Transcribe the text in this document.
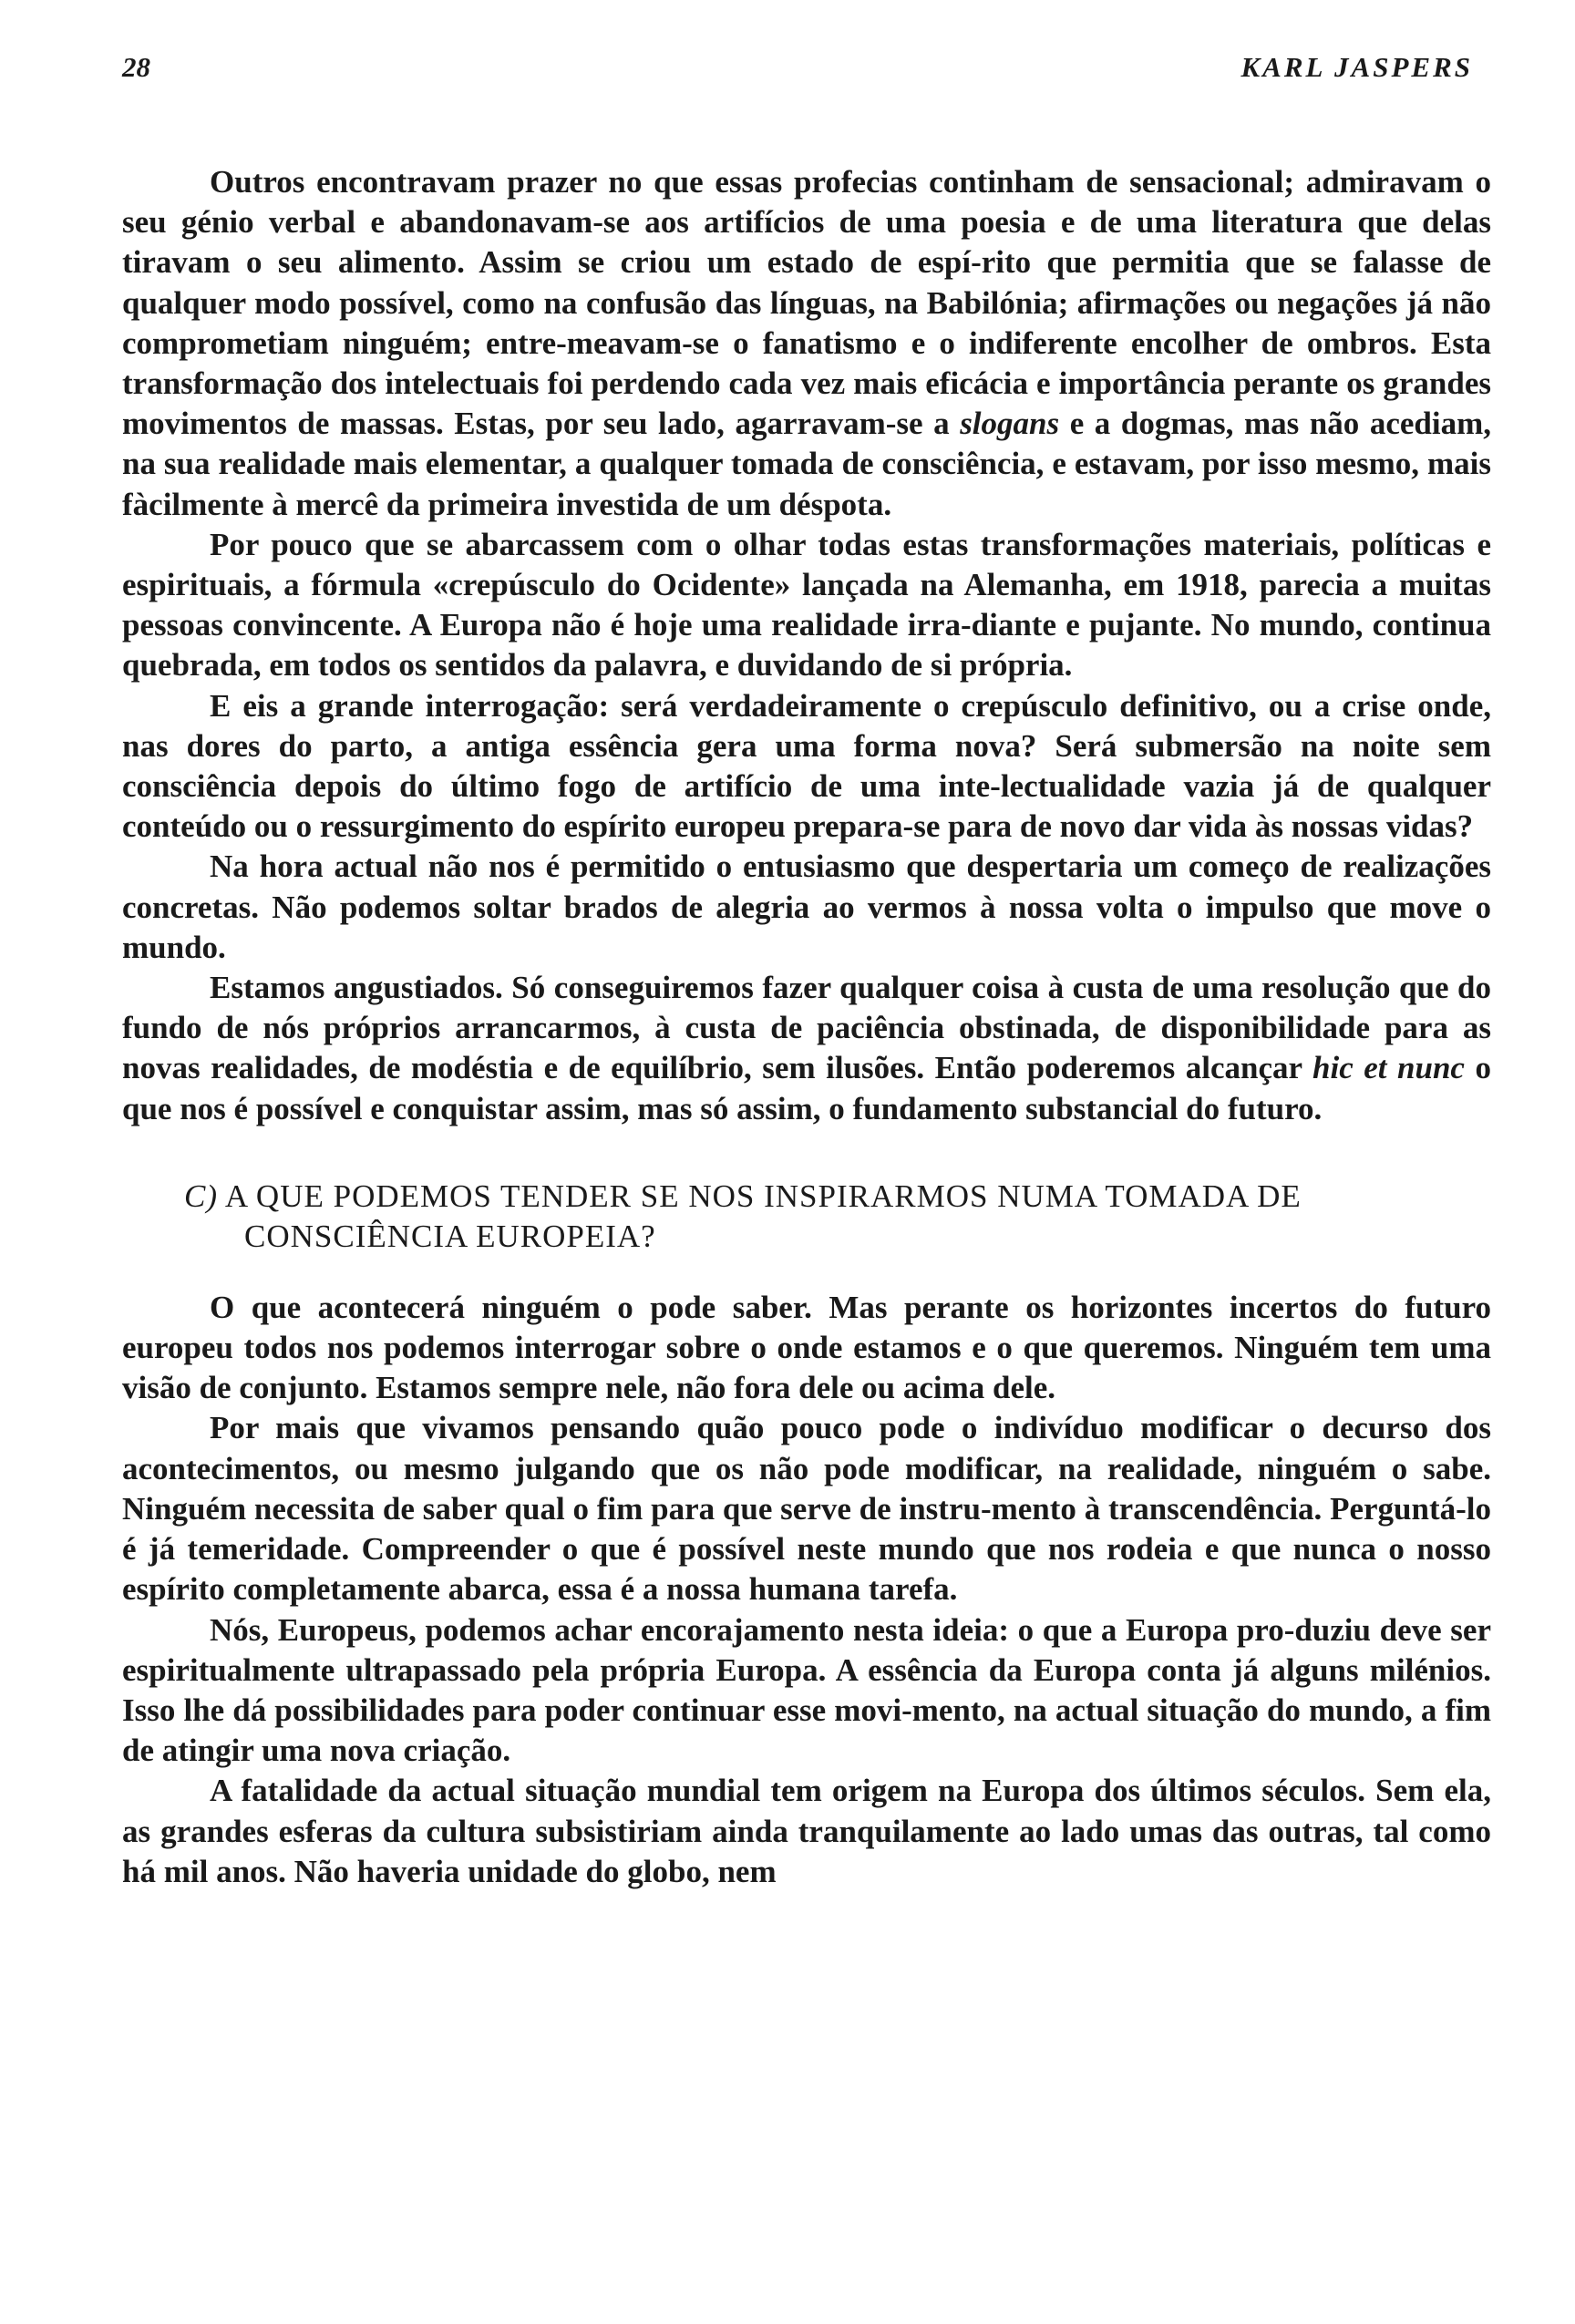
28	KARL JASPERS

Outros encontravam prazer no que essas profecias continham de sensacional; admiravam o seu génio verbal e abandonavam-se aos artifícios de uma poesia e de uma literatura que delas tiravam o seu alimento. Assim se criou um estado de espí-rito que permitia que se falasse de qualquer modo possível, como na confusão das línguas, na Babilónia; afirmações ou negações já não comprometiam ninguém; entre-meavam-se o fanatismo e o indiferente encolher de ombros. Esta transformação dos intelectuais foi perdendo cada vez mais eficácia e importância perante os grandes movimentos de massas. Estas, por seu lado, agarravam-se a slogans e a dogmas, mas não acediam, na sua realidade mais elementar, a qualquer tomada de consciência, e estavam, por isso mesmo, mais fàcilmente à mercê da primeira investida de um déspota.

Por pouco que se abarcassem com o olhar todas estas transformações materiais, políticas e espirituais, a fórmula «crepúsculo do Ocidente» lançada na Alemanha, em 1918, parecia a muitas pessoas convincente. A Europa não é hoje uma realidade irra-diante e pujante. No mundo, continua quebrada, em todos os sentidos da palavra, e duvidando de si própria.

E eis a grande interrogação: será verdadeiramente o crepúsculo definitivo, ou a crise onde, nas dores do parto, a antiga essência gera uma forma nova? Será submersão na noite sem consciência depois do último fogo de artifício de uma inte-lectualidade vazia já de qualquer conteúdo ou o ressurgimento do espírito europeu prepara-se para de novo dar vida às nossas vidas?

Na hora actual não nos é permitido o entusiasmo que despertaria um começo de realizações concretas. Não podemos soltar brados de alegria ao vermos à nossa volta o impulso que move o mundo.

Estamos angustiados. Só conseguiremos fazer qualquer coisa à custa de uma resolução que do fundo de nós próprios arrancarmos, à custa de paciência obstinada, de disponibilidade para as novas realidades, de modéstia e de equilíbrio, sem ilusões. Então poderemos alcançar hic et nunc o que nos é possível e conquistar assim, mas só assim, o fundamento substancial do futuro.

C) A QUE PODEMOS TENDER SE NOS INSPIRARMOS NUMA TOMADA DE CONSCIÊNCIA EUROPEIA?

O que acontecerá ninguém o pode saber. Mas perante os horizontes incertos do futuro europeu todos nos podemos interrogar sobre o onde estamos e o que queremos. Ninguém tem uma visão de conjunto. Estamos sempre nele, não fora dele ou acima dele.

Por mais que vivamos pensando quão pouco pode o indivíduo modificar o decurso dos acontecimentos, ou mesmo julgando que os não pode modificar, na realidade, ninguém o sabe. Ninguém necessita de saber qual o fim para que serve de instru-mento à transcendência. Perguntá-lo é já temeridade. Compreender o que é possível neste mundo que nos rodeia e que nunca o nosso espírito completamente abarca, essa é a nossa humana tarefa.

Nós, Europeus, podemos achar encorajamento nesta ideia: o que a Europa pro-duziu deve ser espiritualmente ultrapassado pela própria Europa. A essência da Europa conta já alguns milénios. Isso lhe dá possibilidades para poder continuar esse movi-mento, na actual situação do mundo, a fim de atingir uma nova criação.

A fatalidade da actual situação mundial tem origem na Europa dos últimos séculos. Sem ela, as grandes esferas da cultura subsistiriam ainda tranquilamente ao lado umas das outras, tal como há mil anos. Não haveria unidade do globo, nem
